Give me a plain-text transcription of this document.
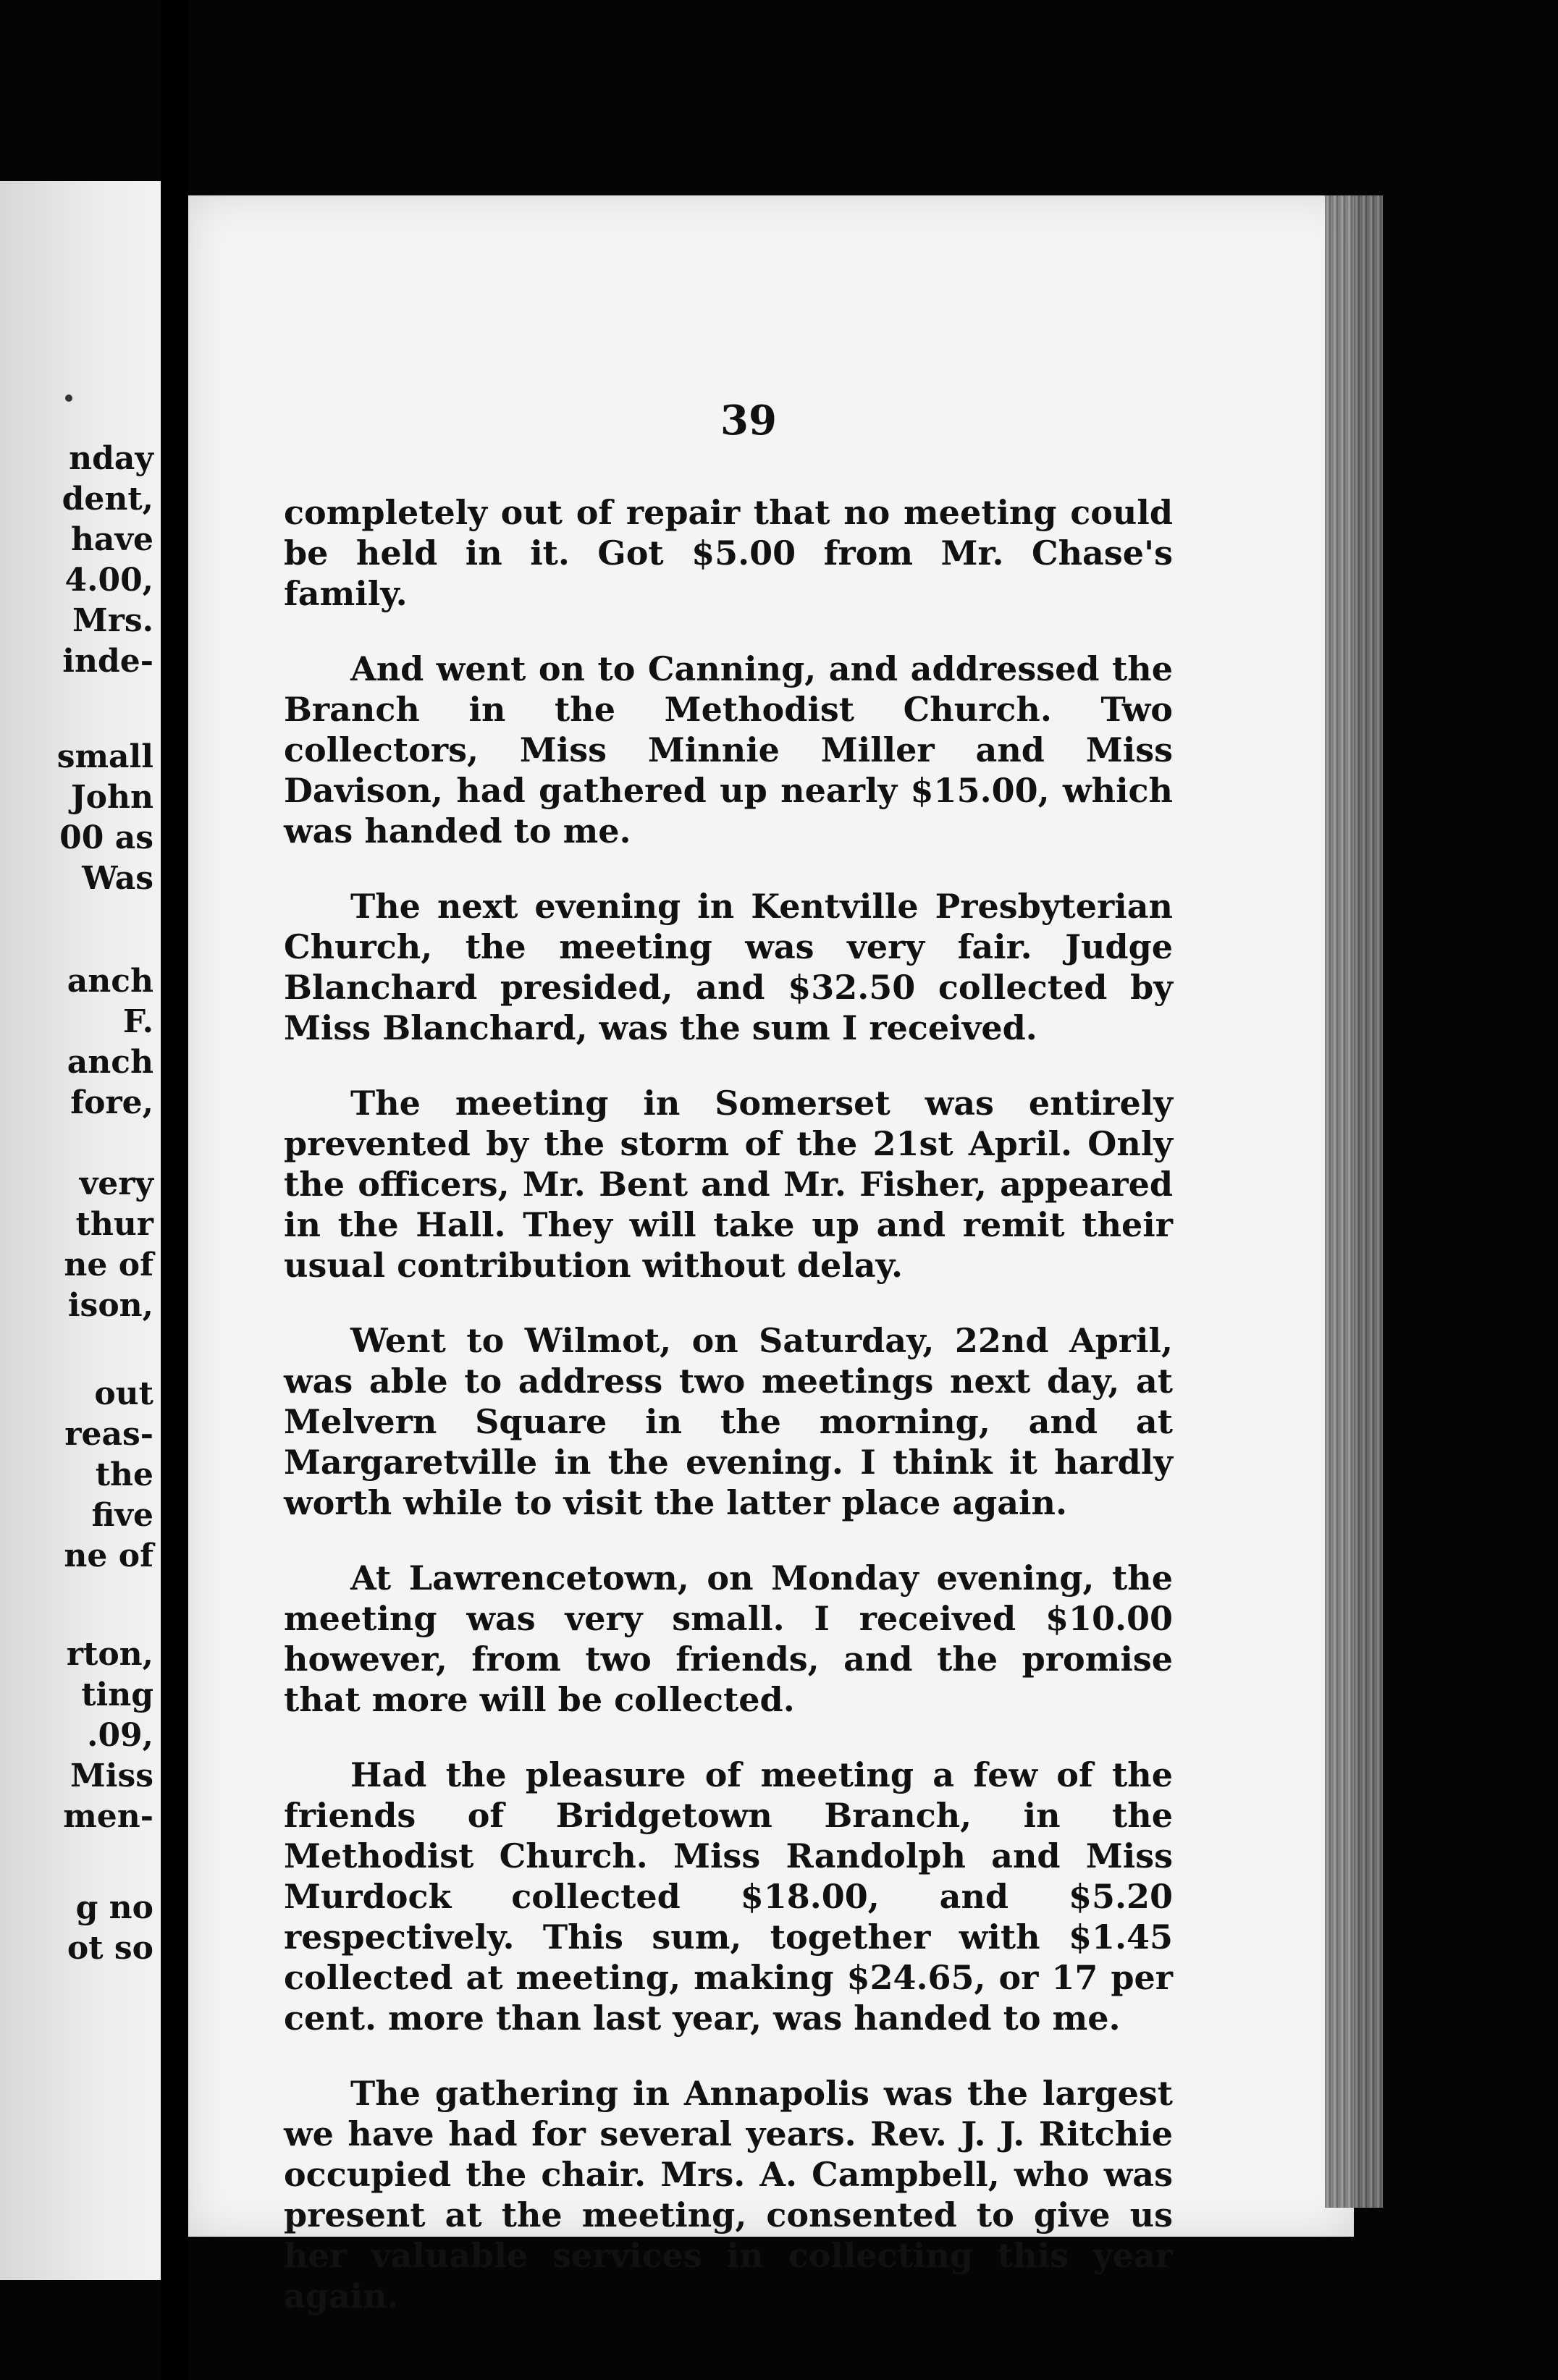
nday
dent,
have
4.00,
Mrs.
inde-
small
John
00 as
Was
anch
F.
anch
fore,
very
thur
ne of
ison,
out
reas-
the
five
ne of
rton,
ting
.09,
Miss
men-
g no
ot so
39

completely out of repair that no meeting could be held in it. Got $5.00 from Mr. Chase's family.

And went on to Canning, and addressed the Branch in the Methodist Church. Two collectors, Miss Minnie Miller and Miss Davison, had gathered up nearly $15.00, which was handed to me.

The next evening in Kentville Presbyterian Church, the meeting was very fair. Judge Blanchard presided, and $32.50 collected by Miss Blanchard, was the sum I received.

The meeting in Somerset was entirely prevented by the storm of the 21st April. Only the officers, Mr. Bent and Mr. Fisher, appeared in the Hall. They will take up and remit their usual contribution without delay.

Went to Wilmot, on Saturday, 22nd April, was able to address two meetings next day, at Melvern Square in the morning, and at Margaretville in the evening. I think it hardly worth while to visit the latter place again.

At Lawrencetown, on Monday evening, the meeting was very small. I received $10.00 however, from two friends, and the promise that more will be collected.

Had the pleasure of meeting a few of the friends of Bridgetown Branch, in the Methodist Church. Miss Randolph and Miss Murdock collected $18.00, and $5.20 respectively. This sum, together with $1.45 collected at meeting, making $24.65, or 17 per cent. more than last year, was handed to me.

The gathering in Annapolis was the largest we have had for several years. Rev. J. J. Ritchie occupied the chair. Mrs. A. Campbell, who was present at the meeting, consented to give us her valuable services in collecting this year again.
